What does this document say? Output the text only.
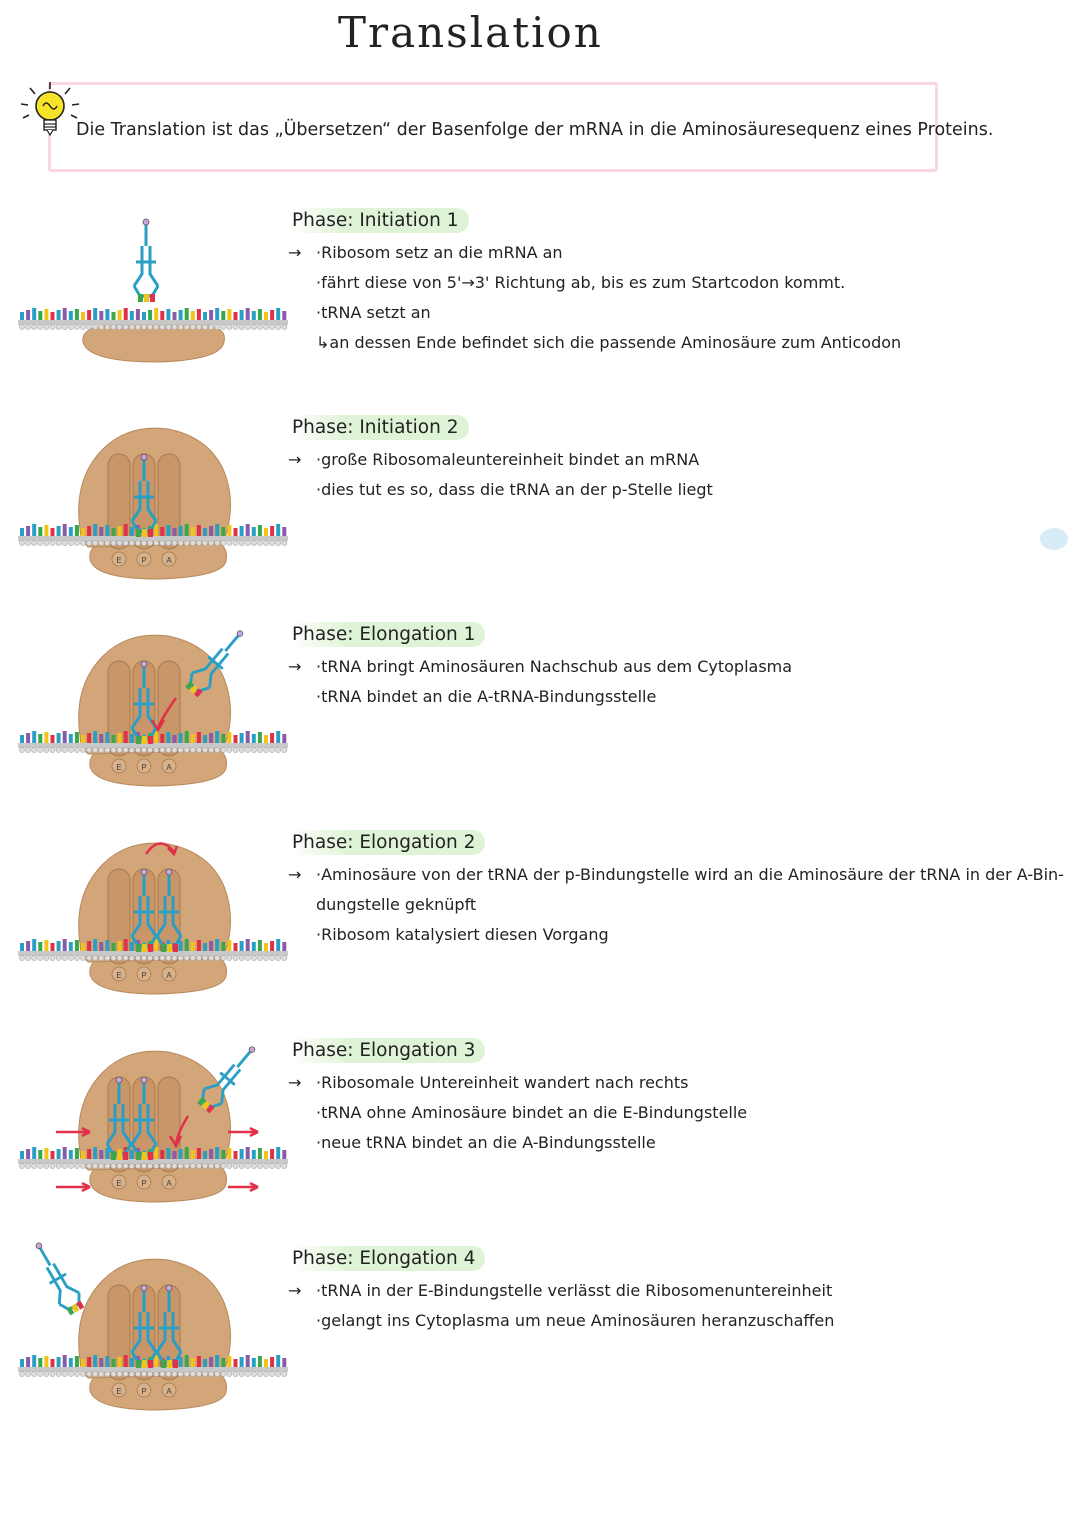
Translation
Die Translation ist das „Übersetzen“ der Basenfolge der mRNA in die Aminosäuresequenz eines Proteins.
Phase: Initiation 1
→ ·Ribosom setz an die mRNA an
·fährt diese von 5'→3' Richtung ab, bis es zum Startcodon kommt.
·tRNA setzt an
↳an dessen Ende befindet sich die passende Aminosäure zum Anticodon
E P A
Phase: Initiation 2
→ ·große Ribosomaleuntereinheit bindet an mRNA
·dies tut es so, dass die tRNA an der p-Stelle liegt
E P A
Phase: Elongation 1
→ ·tRNA bringt Aminosäuren Nachschub aus dem Cytoplasma
·tRNA bindet an die A-tRNA-Bindungsstelle
E P A
Phase: Elongation 2
→ ·Aminosäure von der tRNA der p-Bindungstelle wird an die Aminosäure der tRNA in der A-Bin-
dungstelle geknüpft
·Ribosom katalysiert diesen Vorgang
E P A
Phase: Elongation 3
→ ·Ribosomale Untereinheit wandert nach rechts
·tRNA ohne Aminosäure bindet an die E-Bindungstelle
·neue tRNA bindet an die A-Bindungsstelle
E P A
Phase: Elongation 4
→ ·tRNA in der E-Bindungstelle verlässt die Ribosomenuntereinheit
·gelangt ins Cytoplasma um neue Aminosäuren heranzuschaffen
